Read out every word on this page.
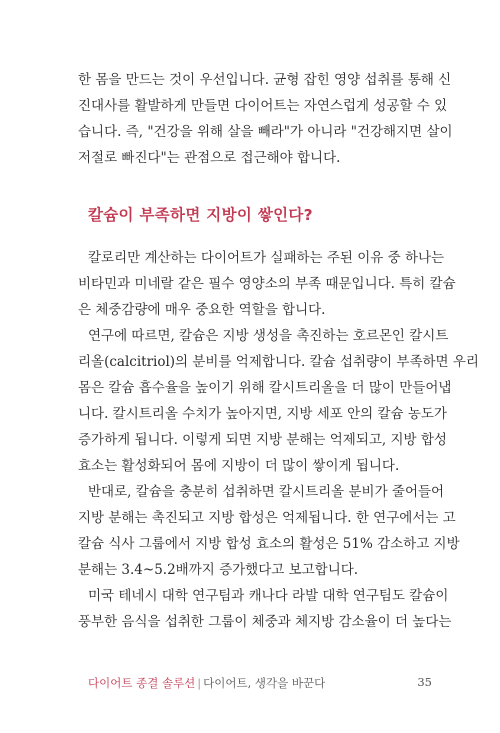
한 몸을 만드는 것이 우선입니다. 균형 잡힌 영양 섭취를 통해 신
진대사를 활발하게 만들면 다이어트는 자연스럽게 성공할 수 있
습니다. 즉, "건강을 위해 살을 빼라"가 아니라 "건강해지면 살이
저절로 빠진다"는 관점으로 접근해야 합니다.
칼슘이 부족하면 지방이 쌓인다?
칼로리만 계산하는 다이어트가 실패하는 주된 이유 중 하나는
비타민과 미네랄 같은 필수 영양소의 부족 때문입니다. 특히 칼슘
은 체중감량에 매우 중요한 역할을 합니다.
연구에 따르면, 칼슘은 지방 생성을 촉진하는 호르몬인 칼시트
리올(calcitriol)의 분비를 억제합니다. 칼슘 섭취량이 부족하면 우리
몸은 칼슘 흡수율을 높이기 위해 칼시트리올을 더 많이 만들어냅
니다. 칼시트리올 수치가 높아지면, 지방 세포 안의 칼슘 농도가
증가하게 됩니다. 이렇게 되면 지방 분해는 억제되고, 지방 합성
효소는 활성화되어 몸에 지방이 더 많이 쌓이게 됩니다.
반대로, 칼슘을 충분히 섭취하면 칼시트리올 분비가 줄어들어
지방 분해는 촉진되고 지방 합성은 억제됩니다. 한 연구에서는 고
칼슘 식사 그룹에서 지방 합성 효소의 활성은 51% 감소하고 지방
분해는 3.4~5.2배까지 증가했다고 보고합니다.
미국 테네시 대학 연구팀과 캐나다 라발 대학 연구팀도 칼슘이
풍부한 음식을 섭취한 그룹이 체중과 체지방 감소율이 더 높다는
다이어트 종결 솔루션 | 다이어트, 생각을 바꾼다	35
